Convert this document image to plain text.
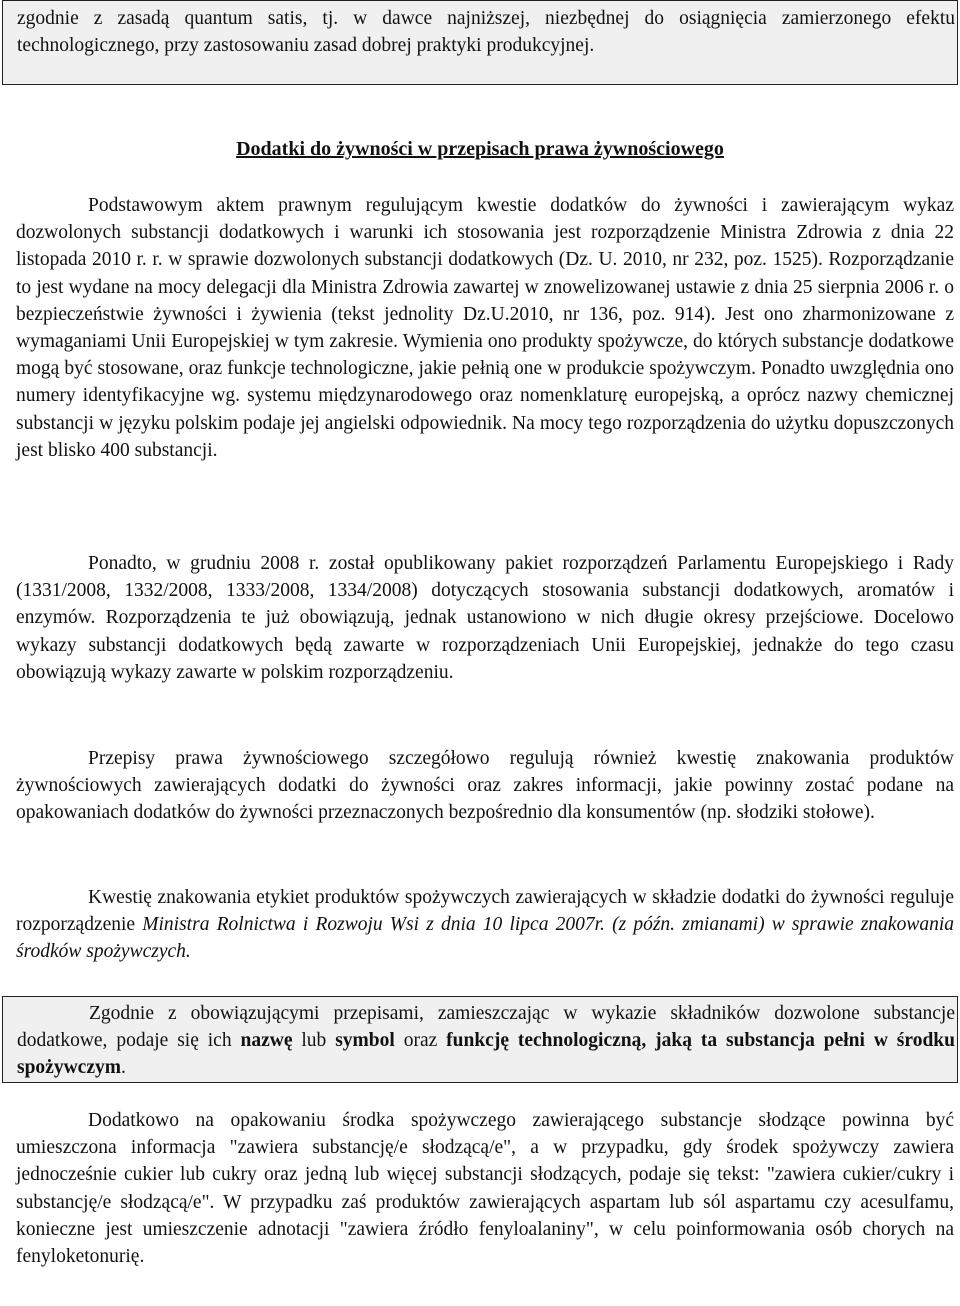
zgodnie z zasadą quantum satis, tj. w dawce najniższej, niezbędnej do osiągnięcia zamierzonego efektu technologicznego, przy zastosowaniu zasad dobrej praktyki produkcyjnej.

Dodatki do żywności w przepisach prawa żywnościowego

Podstawowym aktem prawnym regulującym kwestie dodatków do żywności i zawierającym wykaz dozwolonych substancji dodatkowych i warunki ich stosowania jest rozporządzenie Ministra Zdrowia z dnia 22 listopada 2010 r. r. w sprawie dozwolonych substancji dodatkowych (Dz. U. 2010, nr 232, poz. 1525). Rozporządzanie to jest wydane na mocy delegacji dla Ministra Zdrowia zawartej w znowelizowanej ustawie z dnia 25 sierpnia 2006 r. o bezpieczeństwie żywności i żywienia (tekst jednolity Dz.U.2010, nr 136, poz. 914). Jest ono zharmonizowane z wymaganiami Unii Europejskiej w tym zakresie. Wymienia ono produkty spożywcze, do których substancje dodatkowe mogą być stosowane, oraz funkcje technologiczne, jakie pełnią one w produkcie spożywczym. Ponadto uwzględnia ono numery identyfikacyjne wg. systemu międzynarodowego oraz nomenklaturę europejską, a oprócz nazwy chemicznej substancji w języku polskim podaje jej angielski odpowiednik. Na mocy tego rozporządzenia do użytku dopuszczonych jest blisko 400 substancji.

Ponadto, w grudniu 2008 r. został opublikowany pakiet rozporządzeń Parlamentu Europejskiego i Rady (1331/2008, 1332/2008, 1333/2008, 1334/2008) dotyczących stosowania substancji dodatkowych, aromatów i enzymów. Rozporządzenia te już obowiązują, jednak ustanowiono w nich długie okresy przejściowe. Docelowo wykazy substancji dodatkowych będą zawarte w rozporządzeniach Unii Europejskiej, jednakże do tego czasu obowiązują wykazy zawarte w polskim rozporządzeniu.

Przepisy prawa żywnościowego szczegółowo regulują również kwestię znakowania produktów żywnościowych zawierających dodatki do żywności oraz zakres informacji, jakie powinny zostać podane na opakowaniach dodatków do żywności przeznaczonych bezpośrednio dla konsumentów (np. słodziki stołowe).

Kwestię znakowania etykiet produktów spożywczych zawierających w składzie dodatki do żywności reguluje rozporządzenie Ministra Rolnictwa i Rozwoju Wsi z dnia 10 lipca 2007r. (z późn. zmianami) w sprawie znakowania środków spożywczych.

Zgodnie z obowiązującymi przepisami, zamieszczając w wykazie składników dozwolone substancje dodatkowe, podaje się ich nazwę lub symbol oraz funkcję technologiczną, jaką ta substancja pełni w środku spożywczym.

Dodatkowo na opakowaniu środka spożywczego zawierającego substancje słodzące powinna być umieszczona informacja "zawiera substancję/e słodzącą/e", a w przypadku, gdy środek spożywczy zawiera jednocześnie cukier lub cukry oraz jedną lub więcej substancji słodzących, podaje się tekst: "zawiera cukier/cukry i substancję/e słodzącą/e". W przypadku zaś produktów zawierających aspartam lub sól aspartamu czy acesulfamu, konieczne jest umieszczenie adnotacji "zawiera źródło fenyloalaniny", w celu poinformowania osób chorych na fenyloketonurię.
